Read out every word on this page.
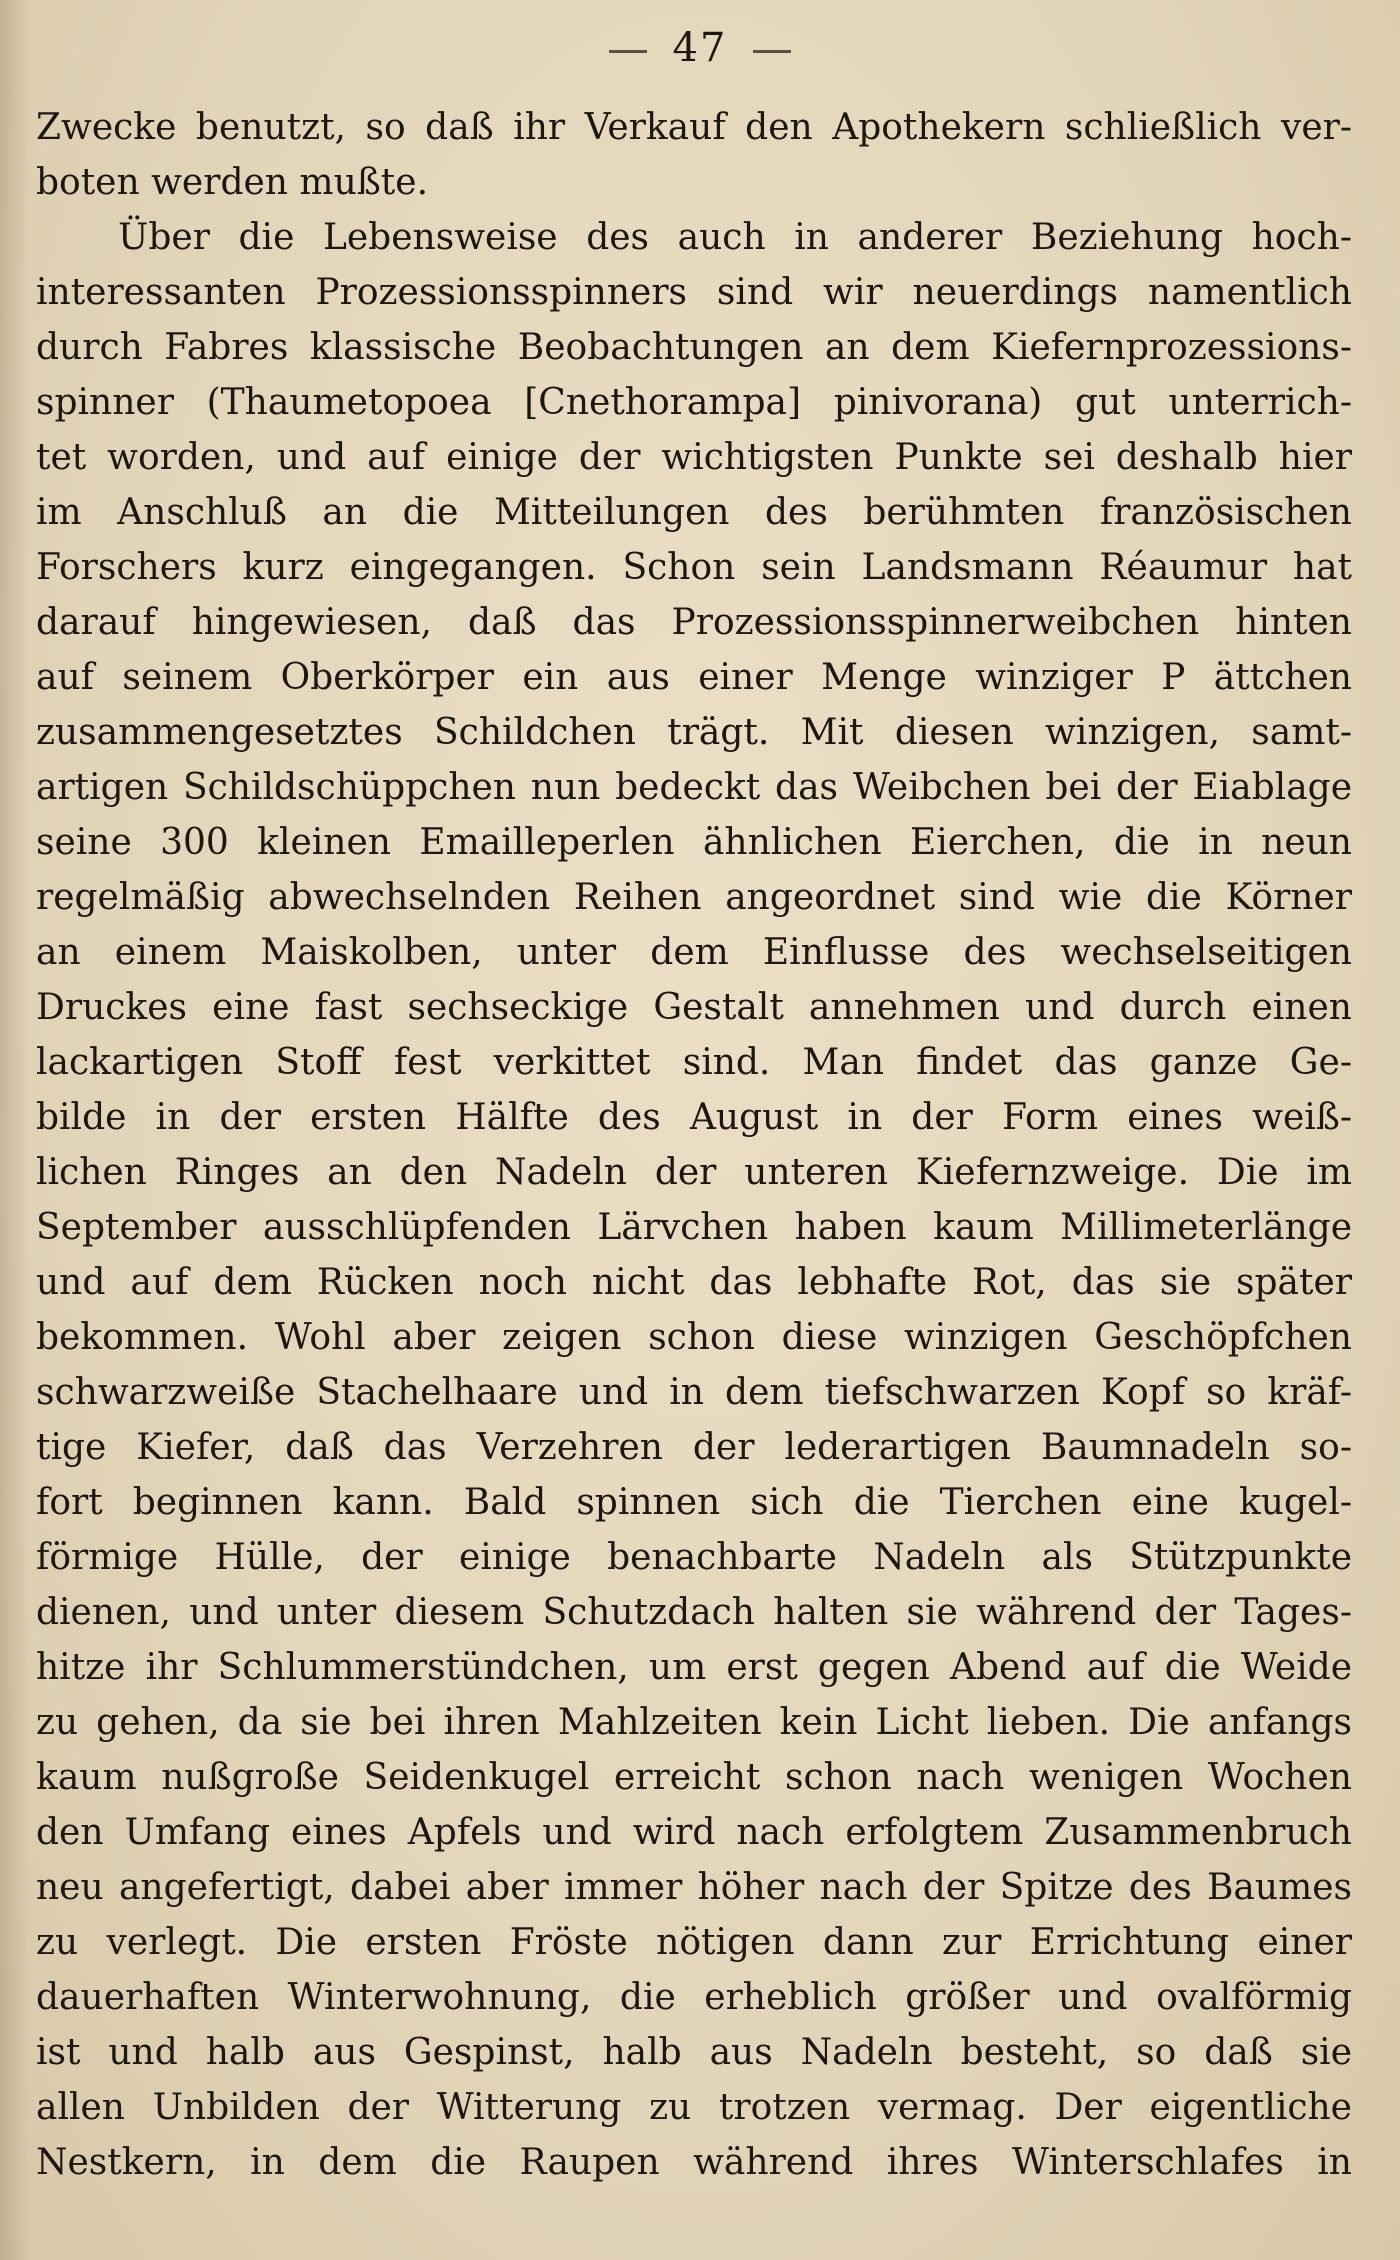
47
Zwecke benutzt, so daß ihr Verkauf den Apothekern schließlich ver-
boten werden mußte.
Über die Lebensweise des auch in anderer Beziehung hoch-
interessanten Prozessionsspinners sind wir neuerdings namentlich
durch Fabres klassische Beobachtungen an dem Kiefernprozessions-
spinner (Thaumetopoea [Cnethorampa] pinivorana) gut unterrich-
tet worden, und auf einige der wichtigsten Punkte sei deshalb hier
im Anschluß an die Mitteilungen des berühmten französischen
Forschers kurz eingegangen. Schon sein Landsmann Réaumur hat
darauf hingewiesen, daß das Prozessionsspinnerweibchen hinten
auf seinem Oberkörper ein aus einer Menge winziger P ättchen
zusammengesetztes Schildchen trägt. Mit diesen winzigen, samt-
artigen Schildschüppchen nun bedeckt das Weibchen bei der Eiablage
seine 300 kleinen Emailleperlen ähnlichen Eierchen, die in neun
regelmäßig abwechselnden Reihen angeordnet sind wie die Körner
an einem Maiskolben, unter dem Einflusse des wechselseitigen
Druckes eine fast sechseckige Gestalt annehmen und durch einen
lackartigen Stoff fest verkittet sind. Man findet das ganze Ge-
bilde in der ersten Hälfte des August in der Form eines weiß-
lichen Ringes an den Nadeln der unteren Kiefernzweige. Die im
September ausschlüpfenden Lärvchen haben kaum Millimeterlänge
und auf dem Rücken noch nicht das lebhafte Rot, das sie später
bekommen. Wohl aber zeigen schon diese winzigen Geschöpfchen
schwarzweiße Stachelhaare und in dem tiefschwarzen Kopf so kräf-
tige Kiefer, daß das Verzehren der lederartigen Baumnadeln so-
fort beginnen kann. Bald spinnen sich die Tierchen eine kugel-
förmige Hülle, der einige benachbarte Nadeln als Stützpunkte
dienen, und unter diesem Schutzdach halten sie während der Tages-
hitze ihr Schlummerstündchen, um erst gegen Abend auf die Weide
zu gehen, da sie bei ihren Mahlzeiten kein Licht lieben. Die anfangs
kaum nußgroße Seidenkugel erreicht schon nach wenigen Wochen
den Umfang eines Apfels und wird nach erfolgtem Zusammenbruch
neu angefertigt, dabei aber immer höher nach der Spitze des Baumes
zu verlegt. Die ersten Fröste nötigen dann zur Errichtung einer
dauerhaften Winterwohnung, die erheblich größer und ovalförmig
ist und halb aus Gespinst, halb aus Nadeln besteht, so daß sie
allen Unbilden der Witterung zu trotzen vermag. Der eigentliche
Nestkern, in dem die Raupen während ihres Winterschlafes in
